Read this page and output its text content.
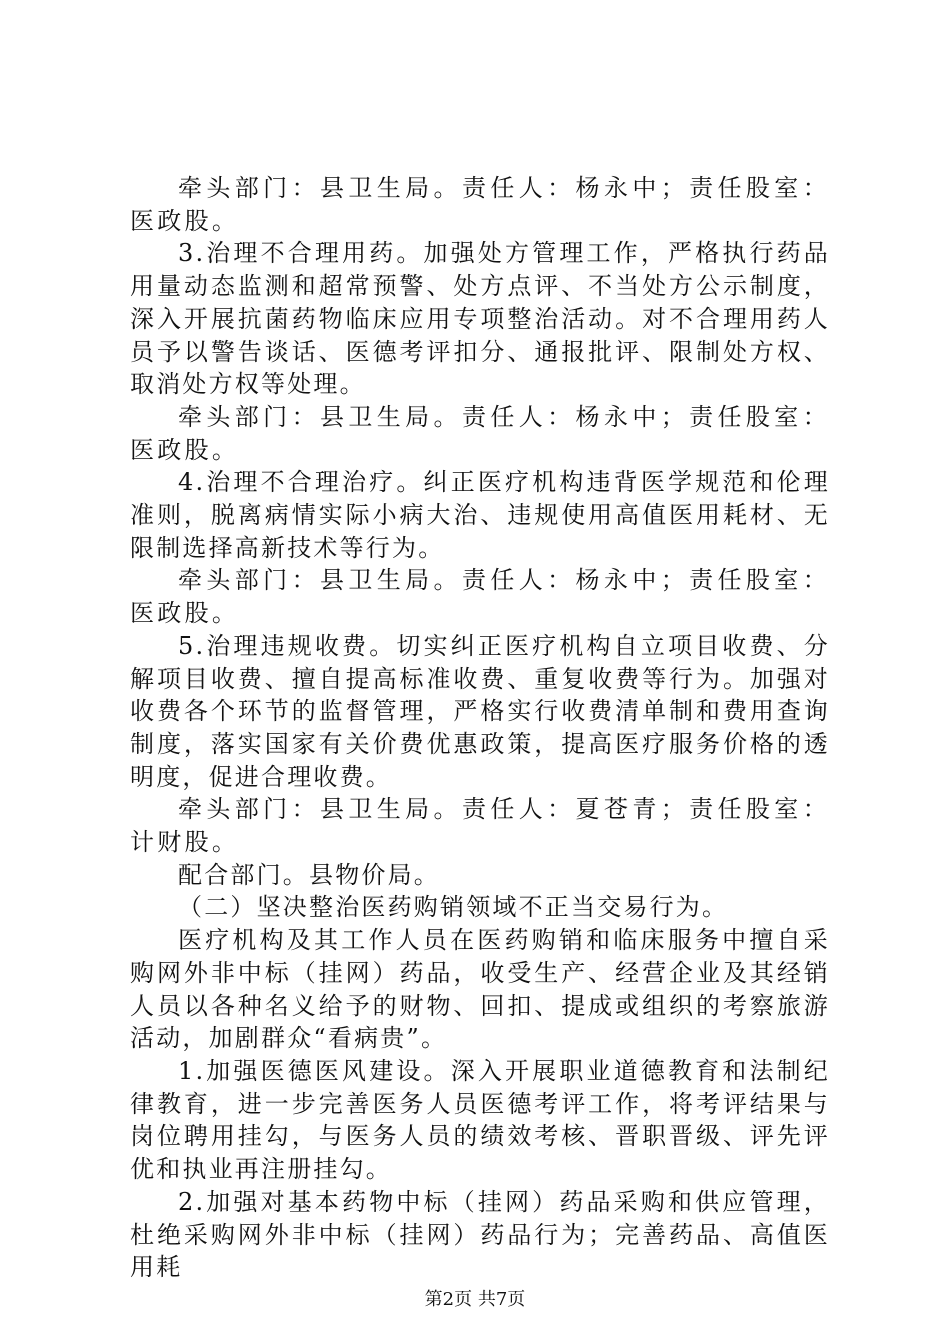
牵头部门：县卫生局。责任人：杨永中；责任股室：医政股。

3.治理不合理用药。加强处方管理工作，严格执行药品用量动态监测和超常预警、处方点评、不当处方公示制度，深入开展抗菌药物临床应用专项整治活动。对不合理用药人员予以警告谈话、医德考评扣分、通报批评、限制处方权、取消处方权等处理。

牵头部门：县卫生局。责任人：杨永中；责任股室：医政股。

4.治理不合理治疗。纠正医疗机构违背医学规范和伦理准则，脱离病情实际小病大治、违规使用高值医用耗材、无限制选择高新技术等行为。

牵头部门：县卫生局。责任人：杨永中；责任股室：医政股。

5.治理违规收费。切实纠正医疗机构自立项目收费、分解项目收费、擅自提高标准收费、重复收费等行为。加强对收费各个环节的监督管理，严格实行收费清单制和费用查询制度，落实国家有关价费优惠政策，提高医疗服务价格的透明度，促进合理收费。

牵头部门：县卫生局。责任人：夏苍青；责任股室：计财股。

配合部门。县物价局。

（二）坚决整治医药购销领域不正当交易行为。

医疗机构及其工作人员在医药购销和临床服务中擅自采购网外非中标（挂网）药品，收受生产、经营企业及其经销人员以各种名义给予的财物、回扣、提成或组织的考察旅游活动，加剧群众“看病贵”。

1.加强医德医风建设。深入开展职业道德教育和法制纪律教育，进一步完善医务人员医德考评工作，将考评结果与岗位聘用挂勾，与医务人员的绩效考核、晋职晋级、评先评优和执业再注册挂勾。

2.加强对基本药物中标（挂网）药品采购和供应管理，杜绝采购网外非中标（挂网）药品行为；完善药品、高值医用耗

第2页 共7页
